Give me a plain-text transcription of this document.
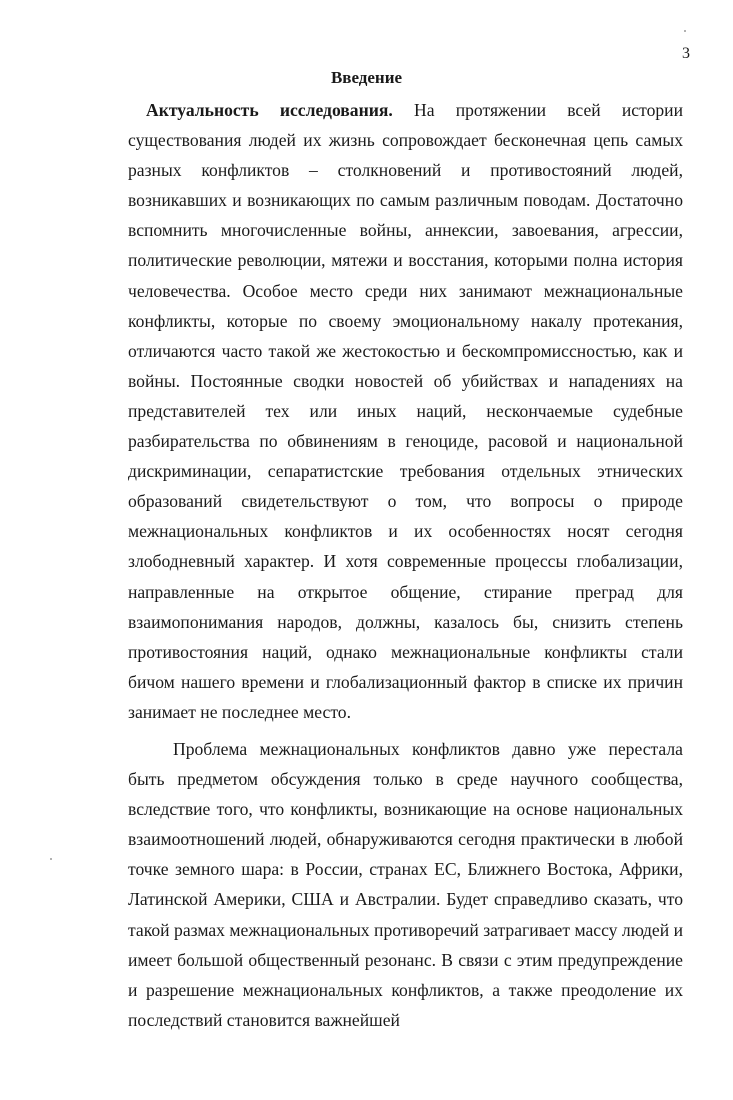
3
Введение

Актуальность исследования. На протяжении всей истории существования людей их жизнь сопровождает бесконечная цепь самых разных конфликтов – столкновений и противостояний людей, возникавших и возникающих по самым различным поводам. Достаточно вспомнить многочисленные войны, аннексии, завоевания, агрессии, политические революции, мятежи и восстания, которыми полна история человечества. Особое место среди них занимают межнациональные конфликты, которые по своему эмоциональному накалу протекания, отличаются часто такой же жестокостью и бескомпромиссностью, как и войны. Постоянные сводки новостей об убийствах и нападениях на представителей тех или иных наций, нескончаемые судебные разбирательства по обвинениям в геноциде, расовой и национальной дискриминации, сепаратистские требования отдельных этнических образований свидетельствуют о том, что вопросы о природе межнациональных конфликтов и их особенностях носят сегодня злободневный характер. И хотя современные процессы глобализации, направленные на открытое общение, стирание преград для взаимопонимания народов, должны, казалось бы, снизить степень противостояния наций, однако межнациональные конфликты стали бичом нашего времени и глобализационный фактор в списке их причин занимает не последнее место.

Проблема межнациональных конфликтов давно уже перестала быть предметом обсуждения только в среде научного сообщества, вследствие того, что конфликты, возникающие на основе национальных взаимоотношений людей, обнаруживаются сегодня практически в любой точке земного шара: в России, странах ЕС, Ближнего Востока, Африки, Латинской Америки, США и Австралии. Будет справедливо сказать, что такой размах межнациональных противоречий затрагивает массу людей и имеет большой общественный резонанс. В связи с этим предупреждение и разрешение межнациональных конфликтов, а также преодоление их последствий становится важнейшей
